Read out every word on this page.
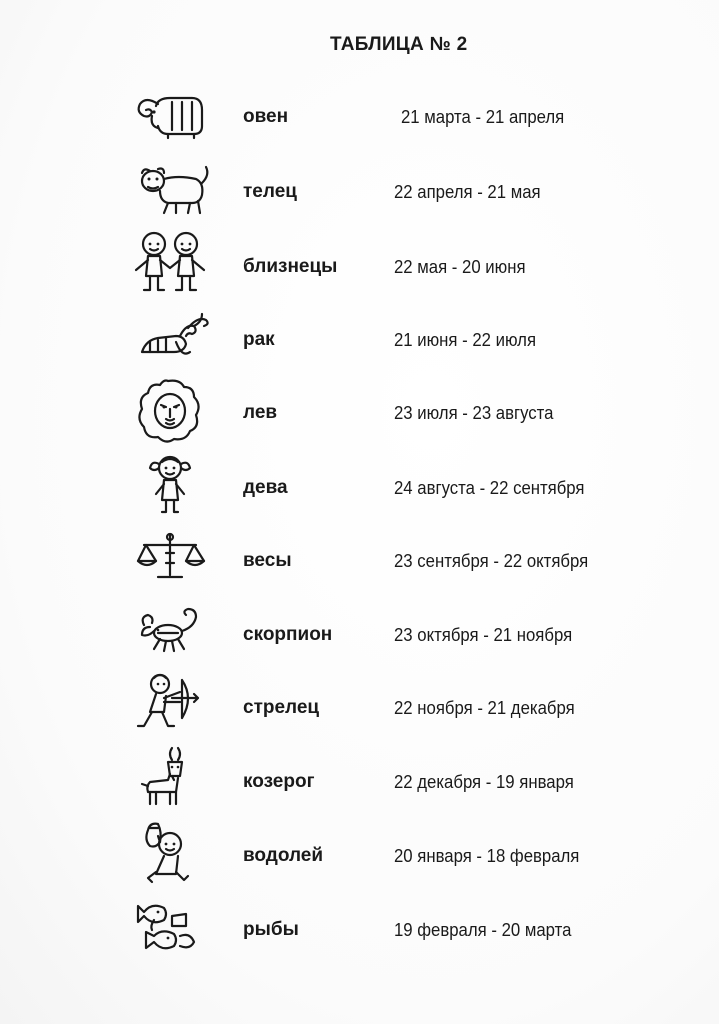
ТАБЛИЦА № 2
овен	21 марта - 21 апреля
телец	22 апреля - 21 мая
близнецы	22 мая - 20 июня
рак	21 июня - 22 июля
лев	23 июля - 23 августа
дева	24 августа - 22 сентября
весы	23 сентября - 22 октября
скорпион	23 октября - 21 ноября
стрелец	22 ноября - 21 декабря
козерог	22 декабря - 19 января
водолей	20 января - 18 февраля
рыбы	19 февраля - 20 марта
